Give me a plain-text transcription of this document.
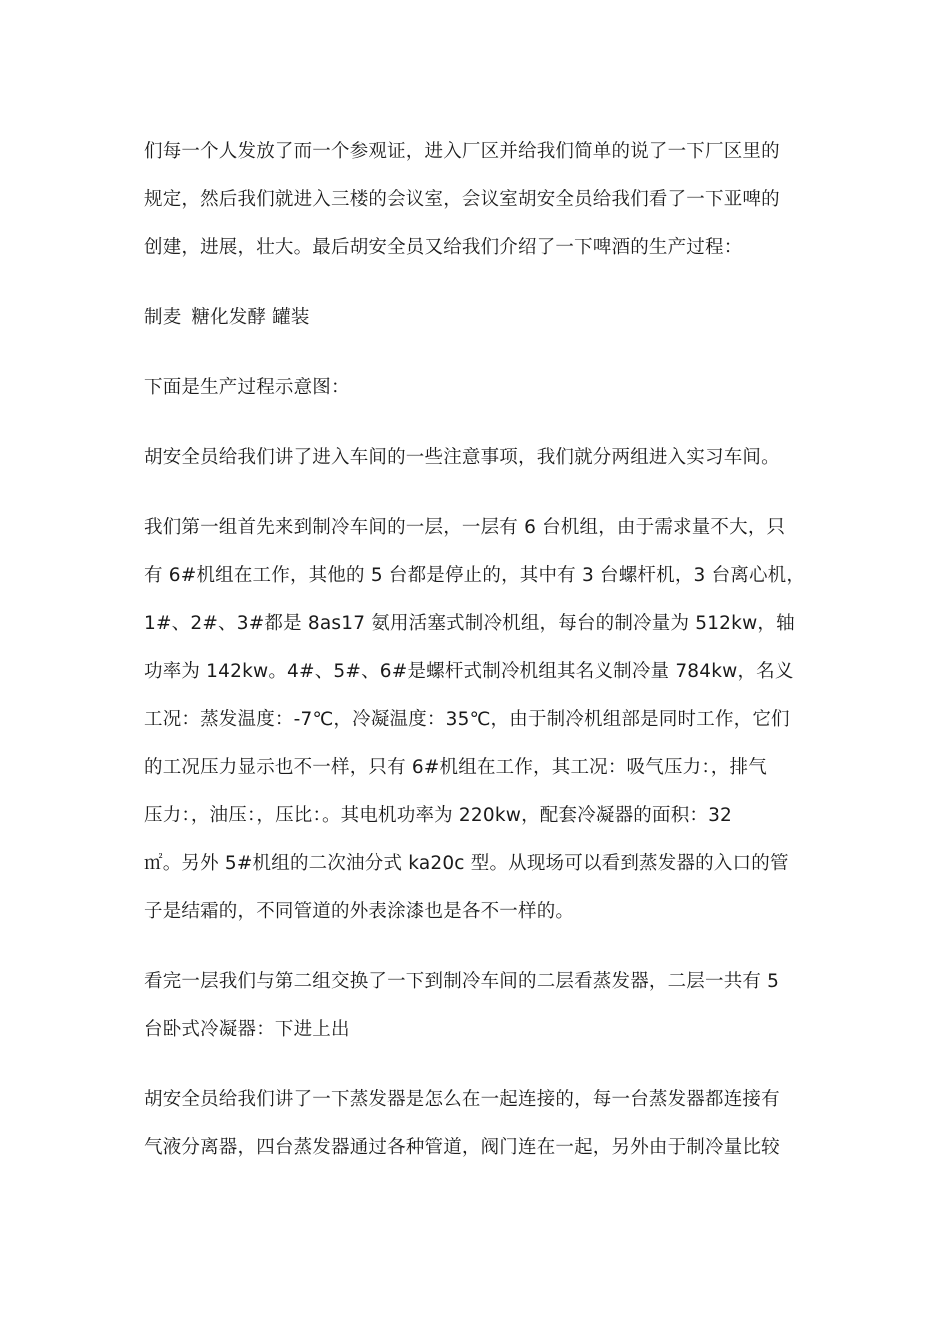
们每一个人发放了而一个参观证，进入厂区并给我们简单的说了一下厂区里的
规定，然后我们就进入三楼的会议室，会议室胡安全员给我们看了一下亚啤的
创建，进展，壮大。最后胡安全员又给我们介绍了一下啤酒的生产过程：

制麦 糖化发酵 罐装

下面是生产过程示意图：

胡安全员给我们讲了进入车间的一些注意事项，我们就分两组进入实习车间。

我们第一组首先来到制冷车间的一层，一层有 6 台机组，由于需求量不大，只
有 6#机组在工作，其他的 5 台都是停止的，其中有 3 台螺杆机，3 台离心机，
1#、2#、3#都是 8as17 氨用活塞式制冷机组，每台的制冷量为 512kw，轴
功率为 142kw。4#、5#、6#是螺杆式制冷机组其名义制冷量 784kw，名义
工况：蒸发温度：-7℃，冷凝温度：35℃，由于制冷机组部是同时工作，它们
的工况压力显示也不一样，只有 6#机组在工作，其工况：吸气压力：，排气
压力：，油压：，压比：。其电机功率为 220kw，配套冷凝器的面积：32
㎡。另外 5#机组的二次油分式 ka20c 型。从现场可以看到蒸发器的入口的管
子是结霜的，不同管道的外表涂漆也是各不一样的。

看完一层我们与第二组交换了一下到制冷车间的二层看蒸发器，二层一共有 5
台卧式冷凝器：下进上出

胡安全员给我们讲了一下蒸发器是怎么在一起连接的，每一台蒸发器都连接有
气液分离器，四台蒸发器通过各种管道，阀门连在一起，另外由于制冷量比较
